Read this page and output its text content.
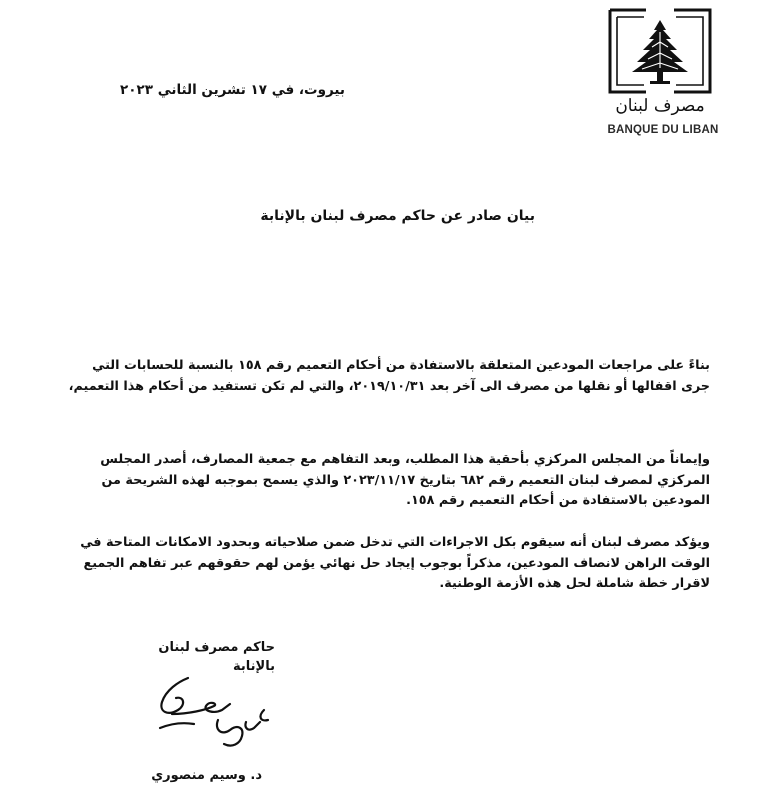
مصرف لبنان
BANQUE DU LIBAN
بيروت، في ١٧ تشرين الثاني ٢٠٢٣
بيان صادر عن حاكم مصرف لبنان بالإنابة
بناءً على مراجعات المودعين المتعلقة بالاستفادة من أحكام التعميم رقم ١٥٨ بالنسبة للحسابات التي جرى اقفالها أو نقلها من مصرف الى آخر بعد ٢٠١٩/١٠/٣١، والتي لم تكن تستفيد من أحكام هذا التعميم،
وإيماناً من المجلس المركزي بأحقية هذا المطلب، وبعد التفاهم مع جمعية المصارف، أصدر المجلس المركزي لمصرف لبنان التعميم رقم ٦٨٢ بتاريخ ٢٠٢٣/١١/١٧ والذي يسمح بموجبه لهذه الشريحة من المودعين بالاستفادة من أحكام التعميم رقم ١٥٨.
ويؤكد مصرف لبنان أنه سيقوم بكل الاجراءات التي تدخل ضمن صلاحياته وبحدود الامكانات المتاحة في الوقت الراهن لانصاف المودعين، مذكراً بوجوب إيجاد حل نهائي يؤمن لهم حقوقهم عبر تفاهم الجميع لاقرار خطة شاملة لحل هذه الأزمة الوطنية.
حاكم مصرف لبنان
بالإنابة
د. وسيم منصوري
